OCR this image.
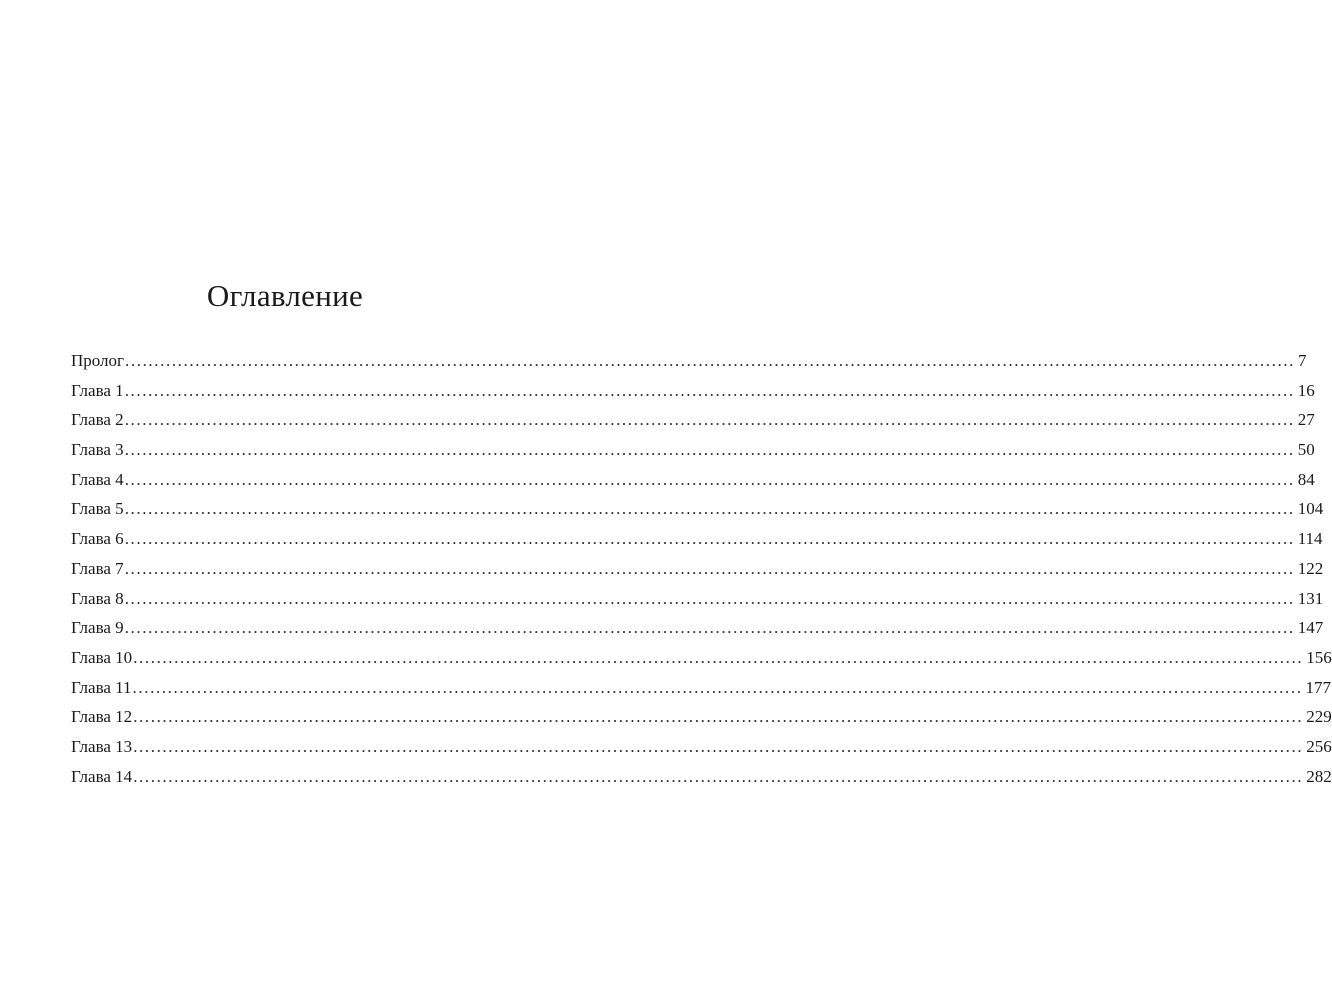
Оглавление
Пролог ........................................................................................................................................................................................................ 7
Глава 1 ........................................................................................................................................................................................................ 16
Глава 2 ........................................................................................................................................................................................................ 27
Глава 3 ........................................................................................................................................................................................................ 50
Глава 4 ........................................................................................................................................................................................................ 84
Глава 5 ........................................................................................................................................................................................................ 104
Глава 6 ........................................................................................................................................................................................................ 114
Глава 7 ........................................................................................................................................................................................................ 122
Глава 8 ........................................................................................................................................................................................................ 131
Глава 9 ........................................................................................................................................................................................................ 147
Глава 10 ........................................................................................................................................................................................................ 156
Глава 11 ........................................................................................................................................................................................................ 177
Глава 12 ........................................................................................................................................................................................................ 229
Глава 13 ........................................................................................................................................................................................................ 256
Глава 14 ........................................................................................................................................................................................................ 282
